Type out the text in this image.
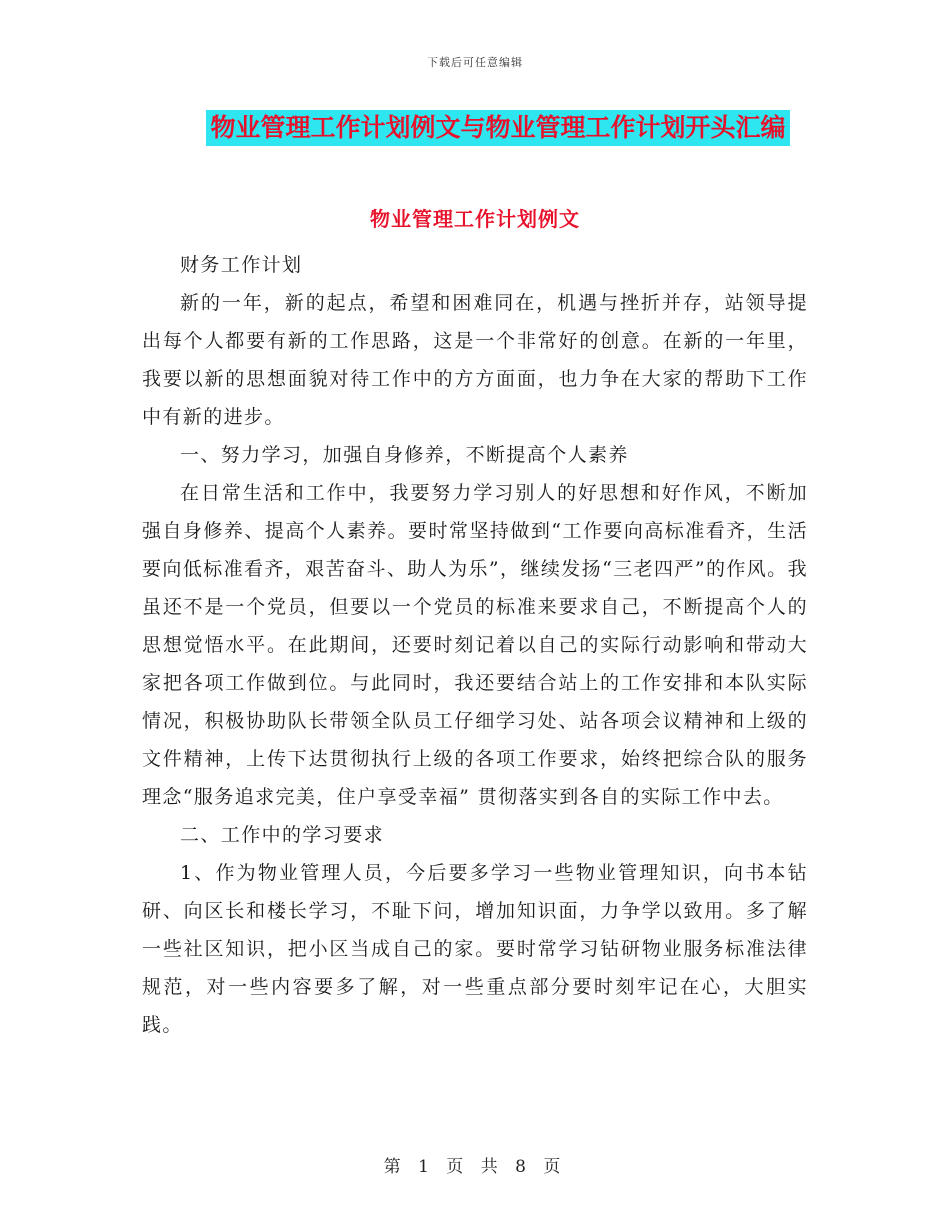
下载后可任意编辑
物业管理工作计划例文与物业管理工作计划开头汇编
物业管理工作计划例文

财务工作计划

新的一年，新的起点，希望和困难同在，机遇与挫折并存，站领导提出每个人都要有新的工作思路，这是一个非常好的创意。在新的一年里，我要以新的思想面貌对待工作中的方方面面，也力争在大家的帮助下工作中有新的进步。

一、努力学习，加强自身修养，不断提高个人素养

在日常生活和工作中，我要努力学习别人的好思想和好作风，不断加强自身修养、提高个人素养。要时常坚持做到“工作要向高标准看齐，生活要向低标准看齐，艰苦奋斗、助人为乐”，继续发扬“三老四严”的作风。我虽还不是一个党员，但要以一个党员的标准来要求自己，不断提高个人的思想觉悟水平。在此期间，还要时刻记着以自己的实际行动影响和带动大家把各项工作做到位。与此同时，我还要结合站上的工作安排和本队实际情况，积极协助队长带领全队员工仔细学习处、站各项会议精神和上级的文件精神，上传下达贯彻执行上级的各项工作要求，始终把综合队的服务理念“服务追求完美，住户享受幸福” 贯彻落实到各自的实际工作中去。

二、工作中的学习要求

1、作为物业管理人员，今后要多学习一些物业管理知识，向书本钻研、向区长和楼长学习，不耻下问，增加知识面，力争学以致用。多了解一些社区知识，把小区当成自己的家。要时常学习钻研物业服务标准法律规范，对一些内容要多了解，对一些重点部分要时刻牢记在心，大胆实践。

第 1 页 共 8 页
